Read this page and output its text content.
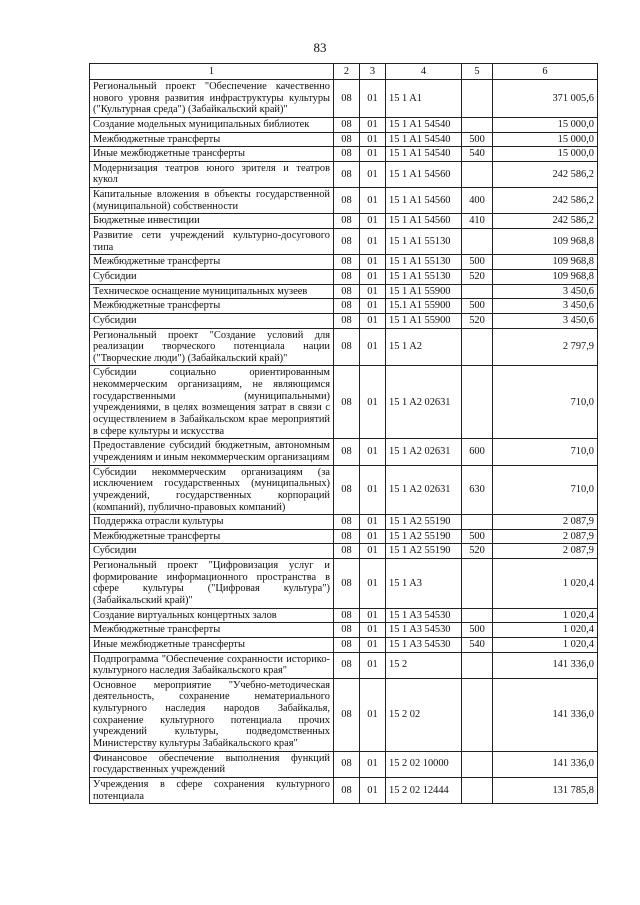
83
1	2	3	4	5	6
Региональный проект "Обеспечение качественно нового уровня развития инфраструктуры культуры ("Культурная среда") (Забайкальский край)"	08	01	15 1 A1		371 005,6
Создание модельных муниципальных библиотек	08	01	15 1 A1 54540		15 000,0
Межбюджетные трансферты	08	01	15 1 A1 54540	500	15 000,0
Иные межбюджетные трансферты	08	01	15 1 A1 54540	540	15 000,0
Модернизация театров юного зрителя и театров кукол	08	01	15 1 A1 54560		242 586,2
Капитальные вложения в объекты государственной (муниципальной) собственности	08	01	15 1 A1 54560	400	242 586,2
Бюджетные инвестиции	08	01	15 1 A1 54560	410	242 586,2
Развитие сети учреждений культурно-досугового типа	08	01	15 1 A1 55130		109 968,8
Межбюджетные трансферты	08	01	15 1 A1 55130	500	109 968,8
Субсидии	08	01	15 1 A1 55130	520	109 968,8
Техническое оснащение муниципальных музеев	08	01	15 1 A1 55900		3 450,6
Межбюджетные трансферты	08	01	15.1 A1 55900	500	3 450,6
Субсидии	08	01	15 1 A1 55900	520	3 450,6
Региональный проект "Создание условий для реализации творческого потенциала нации ("Творческие люди") (Забайкальский край)"	08	01	15 1 A2		2 797,9
Субсидии социально ориентированным некоммерческим организациям, не являющимся государственными (муниципальными) учреждениями, в целях возмещения затрат в связи с осуществлением в Забайкальском крае мероприятий в сфере культуры и искусства	08	01	15 1 A2 02631		710,0
Предоставление субсидий бюджетным, автономным учреждениям и иным некоммерческим организациям	08	01	15 1 A2 02631	600	710,0
Субсидии некоммерческим организациям (за исключением государственных (муниципальных) учреждений, государственных корпораций (компаний), публично-правовых компаний)	08	01	15 1 A2 02631	630	710,0
Поддержка отрасли культуры	08	01	15 1 A2 55190		2 087,9
Межбюджетные трансферты	08	01	15 1 A2 55190	500	2 087,9
Субсидии	08	01	15 1 A2 55190	520	2 087,9
Региональный проект "Цифровизация услуг и формирование информационного пространства в сфере культуры ("Цифровая культура") (Забайкальский край)"	08	01	15 1 A3		1 020,4
Создание виртуальных концертных залов	08	01	15 1 A3 54530		1 020,4
Межбюджетные трансферты	08	01	15 1 A3 54530	500	1 020,4
Иные межбюджетные трансферты	08	01	15 1 A3 54530	540	1 020,4
Подпрограмма "Обеспечение сохранности историко-культурного наследия Забайкальского края"	08	01	15 2		141 336,0
Основное мероприятие "Учебно-методическая деятельность, сохранение нематериального культурного наследия народов Забайкалья, сохранение культурного потенциала прочих учреждений культуры, подведомственных Министерству культуры Забайкальского края"	08	01	15 2 02		141 336,0
Финансовое обеспечение выполнения функций государственных учреждений	08	01	15 2 02 10000		141 336,0
Учреждения в сфере сохранения культурного потенциала	08	01	15 2 02 12444		131 785,8
